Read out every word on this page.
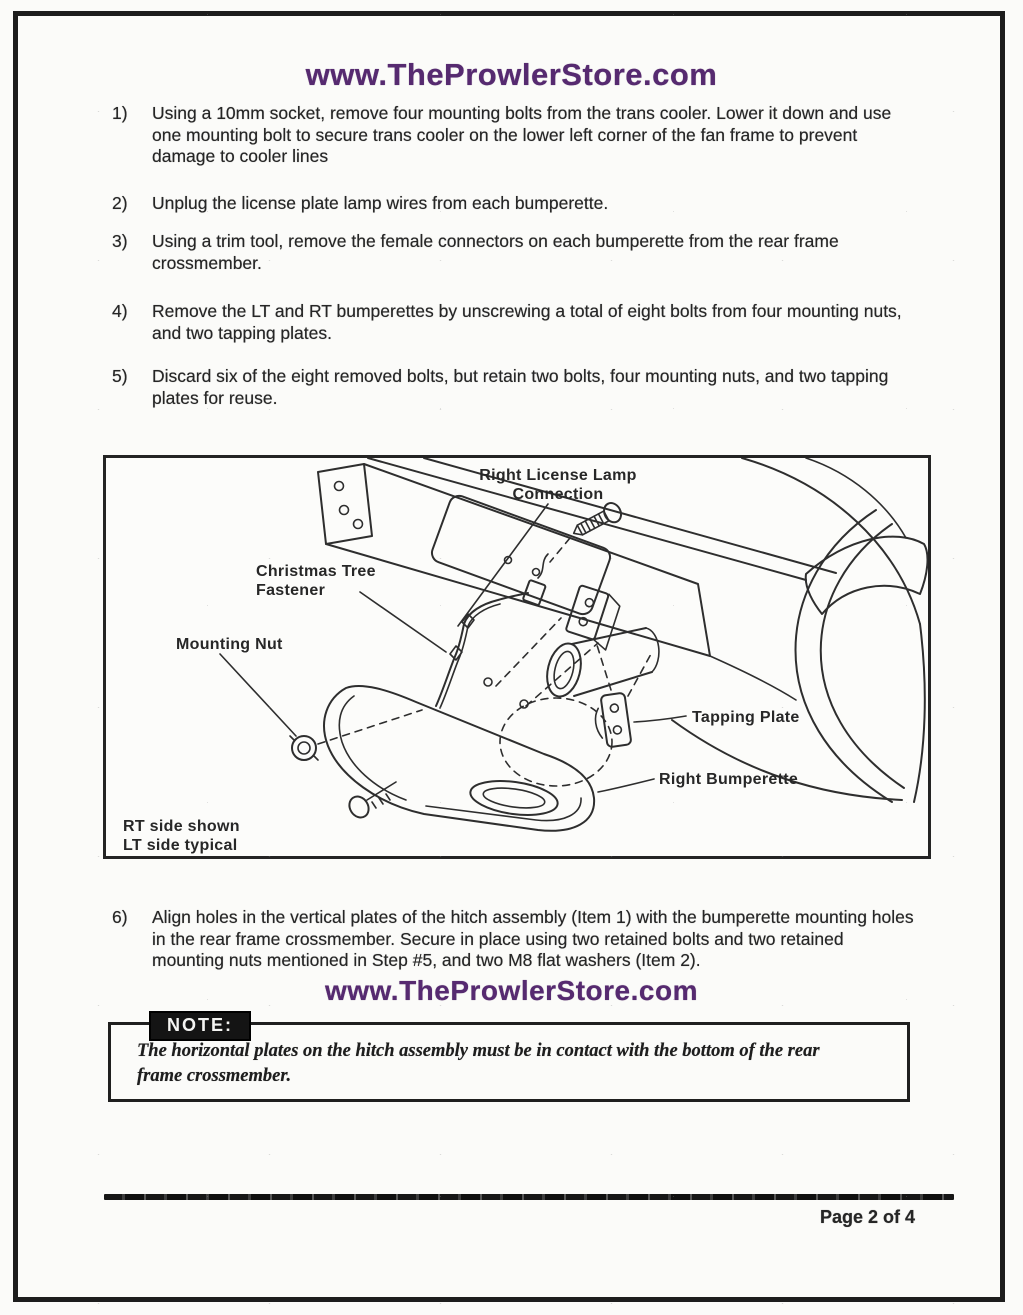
www.TheProwlerStore.com
1)	Using a 10mm socket, remove four mounting bolts from the trans cooler. Lower it down and use one mounting bolt to secure trans cooler on the lower left corner of the fan frame to prevent damage to cooler lines
2)	Unplug the license plate lamp wires from each bumperette.
3)	Using a trim tool, remove the female connectors on each bumperette from the rear frame crossmember.
4)	Remove the LT and RT bumperettes by unscrewing a total of eight bolts from four mounting nuts, and two tapping plates.
5)	Discard six of the eight removed bolts, but retain two bolts, four mounting nuts, and two tapping plates for reuse.
Right License Lamp
Connection
Christmas Tree
Fastener
Mounting Nut
Tapping Plate
Right Bumperette
RT side shown
LT side typical
6)	Align holes in the vertical plates of the hitch assembly (Item 1) with the bumperette mounting holes in the rear frame crossmember. Secure in place using two retained bolts and two retained mounting nuts mentioned in Step #5, and two M8 flat washers (Item 2).
www.TheProwlerStore.com
NOTE:
The horizontal plates on the hitch assembly must be in contact with the bottom of the rear frame crossmember.
Page 2 of 4
